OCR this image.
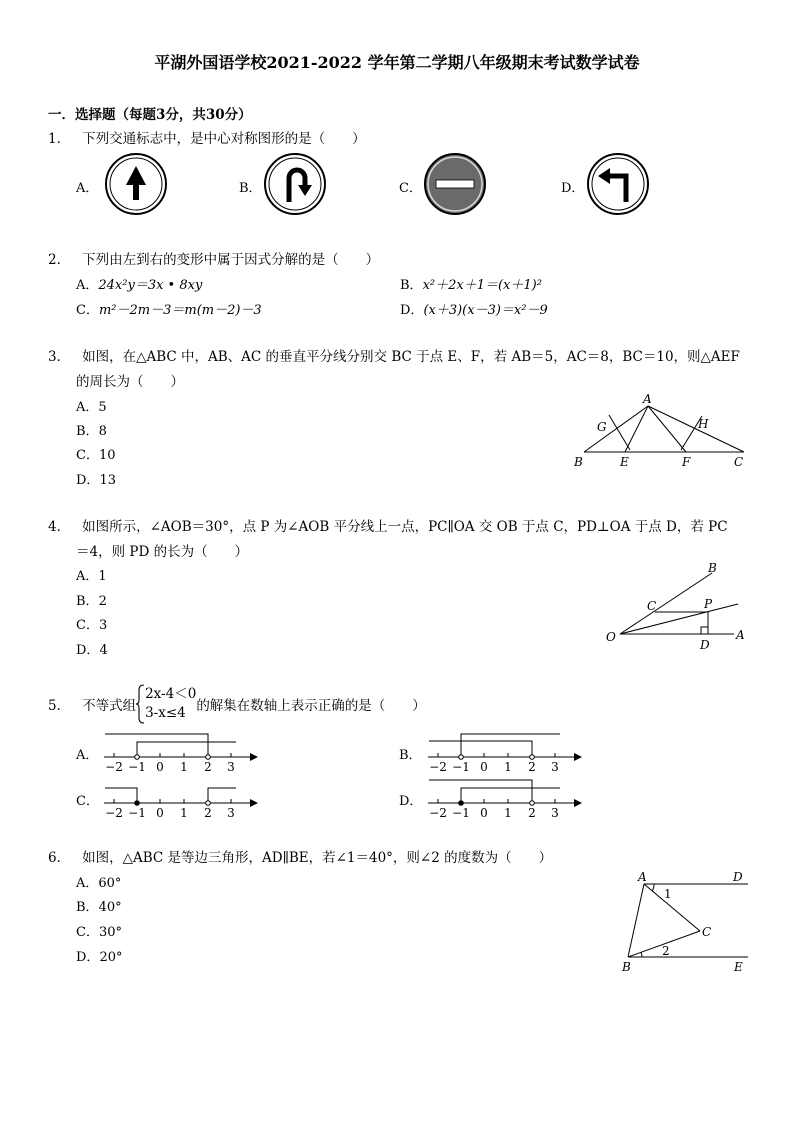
平湖外国语学校2021-2022 学年第二学期八年级期末考试数学试卷
一．选择题（每题3分，共30分）
1． 下列交通标志中，是中心对称图形的是（　　）
A．	B．	C．	D．
2． 下列由左到右的变形中属于因式分解的是（　　）
A．24x²y＝3x • 8xy	B．x²＋2x＋1＝(x＋1)²
C．m²－2m－3＝m(m－2)－3	D．(x＋3)(x－3)＝x²－9
3． 如图，在△ABC 中，AB、AC 的垂直平分线分别交 BC 于点 E、F，若 AB＝5，AC＝8，BC＝10，则△AEF
的周长为（　　）
A．5
B．8
C．10
D．13
A
B	C
E	F
G	H
4． 如图所示，∠AOB＝30°，点 P 为∠AOB 平分线上一点，PC∥OA 交 OB 于点 C，PD⊥OA 于点 D，若 PC
＝4，则 PD 的长为（　　）
A．1
B．2
C．3
D．4
O	A
B
C	P
D
5． 不等式组2x-4＜0
3-x≤4 的解集在数轴上表示正确的是（　　）
A．
−2 −1 0 1 2 3
B．
−2 −1 0 1 2 3
C．
−2 −1 0 1 2 3
D．
−2 −1 0 1 2 3
6． 如图，△ABC 是等边三角形，AD∥BE，若∠1＝40°，则∠2 的度数为（　　）
A．60°
B．40°
C．30°
D．20°
A	D
C
B	E
1
2
